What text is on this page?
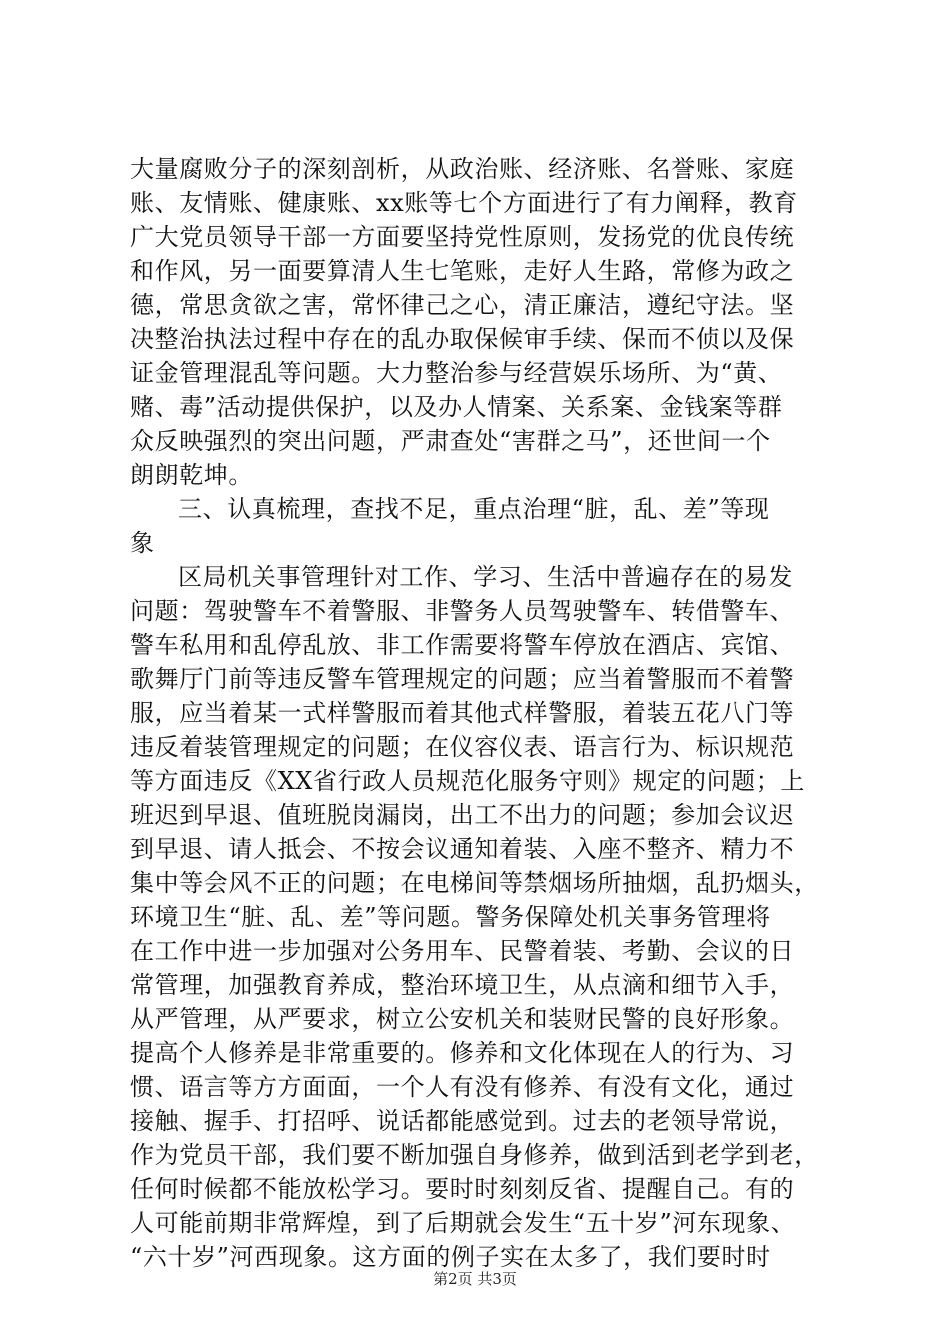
大量腐败分子的深刻剖析，从政治账、经济账、名誉账、家庭
账、友情账、健康账、xx账等七个方面进行了有力阐释，教育
广大党员领导干部一方面要坚持党性原则，发扬党的优良传统
和作风，另一面要算清人生七笔账，走好人生路，常修为政之
德，常思贪欲之害，常怀律己之心，清正廉洁，遵纪守法。坚
决整治执法过程中存在的乱办取保候审手续、保而不侦以及保
证金管理混乱等问题。大力整治参与经营娱乐场所、为“黄、
赌、毒”活动提供保护，以及办人情案、关系案、金钱案等群
众反映强烈的突出问题，严肃查处“害群之马”，还世间一个
朗朗乾坤。
三、认真梳理，查找不足，重点治理“脏，乱、差”等现
象
区局机关事管理针对工作、学习、生活中普遍存在的易发
问题：驾驶警车不着警服、非警务人员驾驶警车、转借警车、
警车私用和乱停乱放、非工作需要将警车停放在酒店、宾馆、
歌舞厅门前等违反警车管理规定的问题；应当着警服而不着警
服，应当着某一式样警服而着其他式样警服，着装五花八门等
违反着装管理规定的问题；在仪容仪表、语言行为、标识规范
等方面违反《XX省行政人员规范化服务守则》规定的问题；上
班迟到早退、值班脱岗漏岗，出工不出力的问题；参加会议迟
到早退、请人抵会、不按会议通知着装、入座不整齐、精力不
集中等会风不正的问题；在电梯间等禁烟场所抽烟，乱扔烟头，
环境卫生“脏、乱、差”等问题。警务保障处机关事务管理将
在工作中进一步加强对公务用车、民警着装、考勤、会议的日
常管理，加强教育养成，整治环境卫生，从点滴和细节入手，
从严管理，从严要求，树立公安机关和装财民警的良好形象。
提高个人修养是非常重要的。修养和文化体现在人的行为、习
惯、语言等方方面面，一个人有没有修养、有没有文化，通过
接触、握手、打招呼、说话都能感觉到。过去的老领导常说，
作为党员干部，我们要不断加强自身修养，做到活到老学到老，
任何时候都不能放松学习。要时时刻刻反省、提醒自己。有的
人可能前期非常辉煌，到了后期就会发生“五十岁”河东现象、
“六十岁”河西现象。这方面的例子实在太多了，我们要时时
第2页 共3页
